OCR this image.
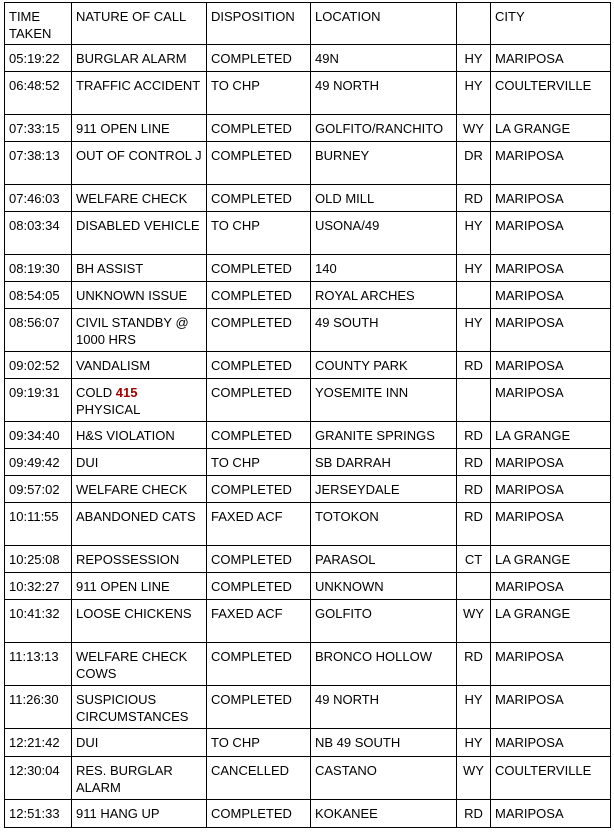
TIME TAKEN	NATURE OF CALL	DISPOSITION	LOCATION		CITY
05:19:22	BURGLAR ALARM	COMPLETED	49N	HY	MARIPOSA
06:48:52	TRAFFIC ACCIDENT	TO CHP	49 NORTH	HY	COULTERVILLE
07:33:15	911 OPEN LINE	COMPLETED	GOLFITO/RANCHITO	WY	LA GRANGE
07:38:13	OUT OF CONTROL J	COMPLETED	BURNEY	DR	MARIPOSA
07:46:03	WELFARE CHECK	COMPLETED	OLD MILL	RD	MARIPOSA
08:03:34	DISABLED VEHICLE	TO CHP	USONA/49	HY	MARIPOSA
08:19:30	BH ASSIST	COMPLETED	140	HY	MARIPOSA
08:54:05	UNKNOWN ISSUE	COMPLETED	ROYAL ARCHES		MARIPOSA
08:56:07	CIVIL STANDBY @ 1000 HRS	COMPLETED	49 SOUTH	HY	MARIPOSA
09:02:52	VANDALISM	COMPLETED	COUNTY PARK	RD	MARIPOSA
09:19:31	COLD 415 PHYSICAL	COMPLETED	YOSEMITE INN		MARIPOSA
09:34:40	H&S VIOLATION	COMPLETED	GRANITE SPRINGS	RD	LA GRANGE
09:49:42	DUI	TO CHP	SB DARRAH	RD	MARIPOSA
09:57:02	WELFARE CHECK	COMPLETED	JERSEYDALE	RD	MARIPOSA
10:11:55	ABANDONED CATS	FAXED ACF	TOTOKON	RD	MARIPOSA
10:25:08	REPOSSESSION	COMPLETED	PARASOL	CT	LA GRANGE
10:32:27	911 OPEN LINE	COMPLETED	UNKNOWN		MARIPOSA
10:41:32	LOOSE CHICKENS	FAXED ACF	GOLFITO	WY	LA GRANGE
11:13:13	WELFARE CHECK COWS	COMPLETED	BRONCO HOLLOW	RD	MARIPOSA
11:26:30	SUSPICIOUS CIRCUMSTANCES	COMPLETED	49 NORTH	HY	MARIPOSA
12:21:42	DUI	TO CHP	NB 49 SOUTH	HY	MARIPOSA
12:30:04	RES. BURGLAR ALARM	CANCELLED	CASTANO	WY	COULTERVILLE
12:51:33	911 HANG UP	COMPLETED	KOKANEE	RD	MARIPOSA
